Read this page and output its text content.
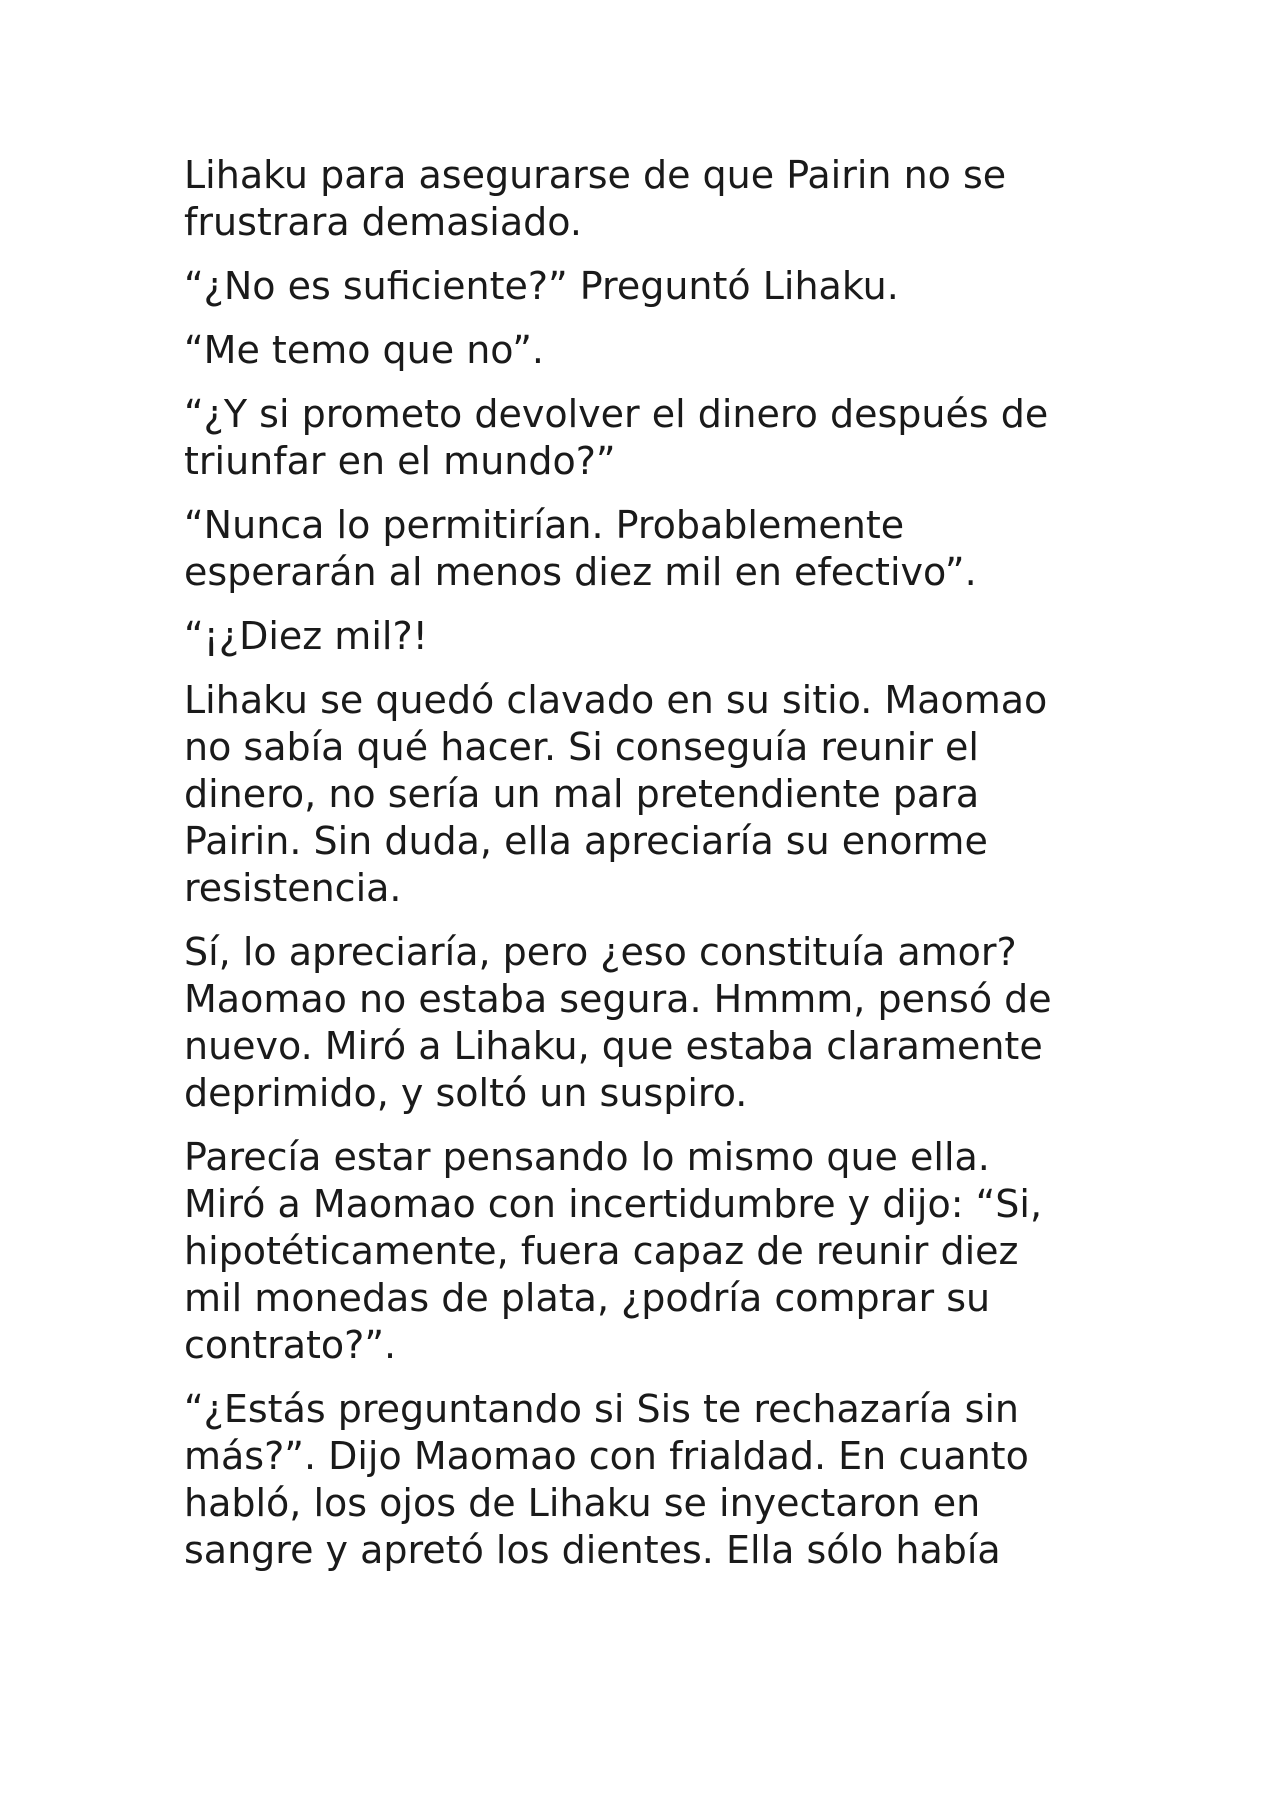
Lihaku para asegurarse de que Pairin no se
frustrara demasiado.

“¿No es suficiente?” Preguntó Lihaku.

“Me temo que no”.

“¿Y si prometo devolver el dinero después de
triunfar en el mundo?”

“Nunca lo permitirían. Probablemente
esperarán al menos diez mil en efectivo”.

“¡¿Diez mil?!

Lihaku se quedó clavado en su sitio. Maomao
no sabía qué hacer. Si conseguía reunir el
dinero, no sería un mal pretendiente para
Pairin. Sin duda, ella apreciaría su enorme
resistencia.

Sí, lo apreciaría, pero ¿eso constituía amor?
Maomao no estaba segura. Hmmm, pensó de
nuevo. Miró a Lihaku, que estaba claramente
deprimido, y soltó un suspiro.

Parecía estar pensando lo mismo que ella.
Miró a Maomao con incertidumbre y dijo: “Si,
hipotéticamente, fuera capaz de reunir diez
mil monedas de plata, ¿podría comprar su
contrato?”.

“¿Estás preguntando si Sis te rechazaría sin
más?”. Dijo Maomao con frialdad. En cuanto
habló, los ojos de Lihaku se inyectaron en
sangre y apretó los dientes. Ella sólo había
